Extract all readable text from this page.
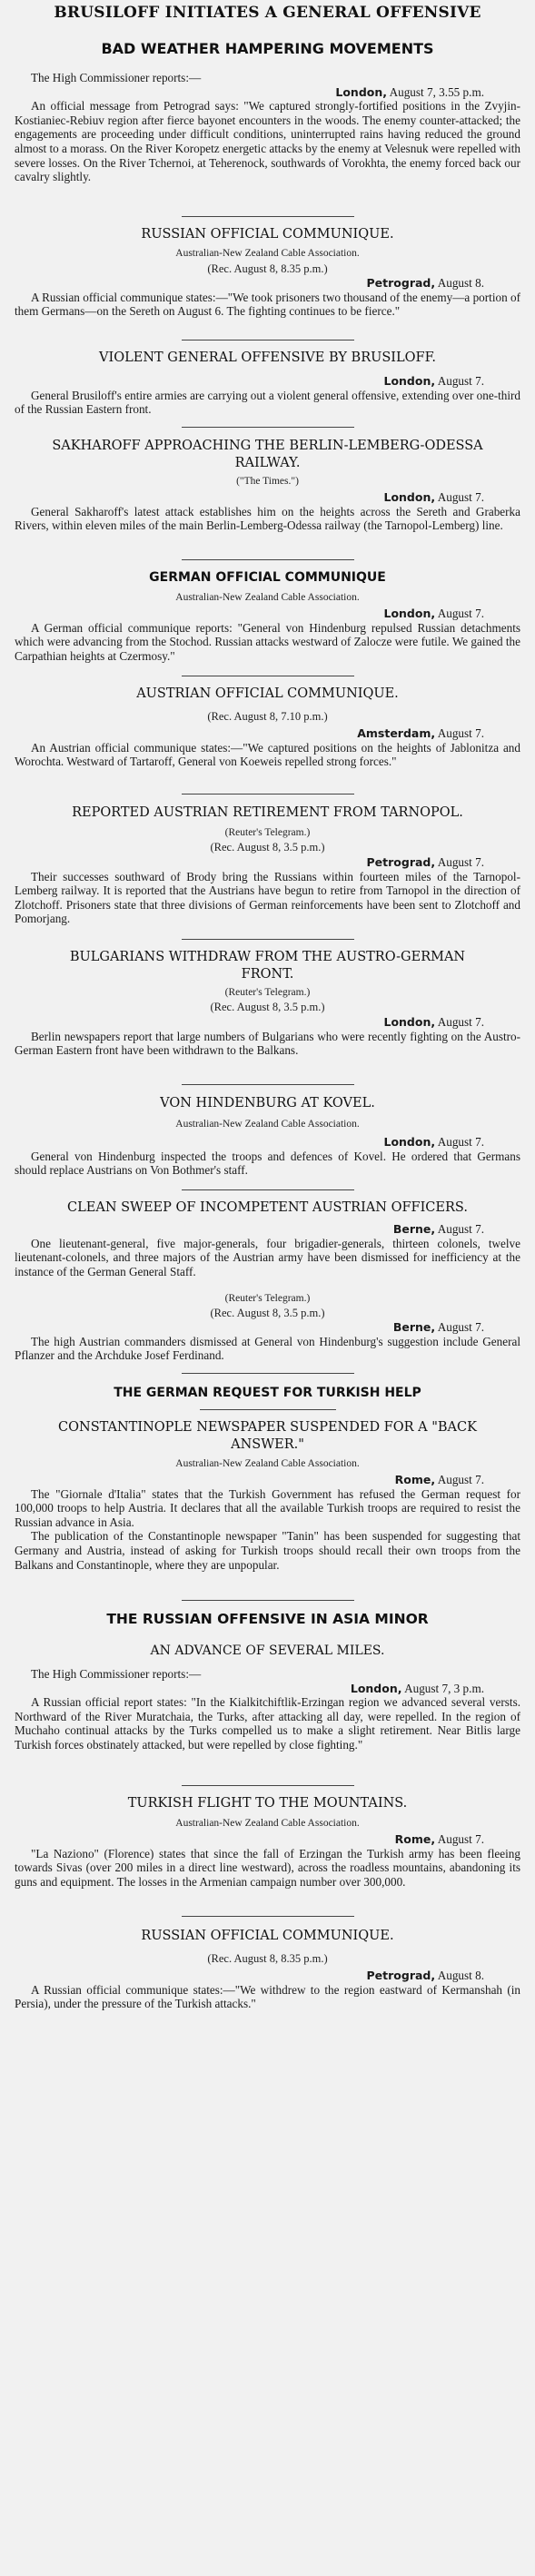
BRUSILOFF INITIATES A GENERAL OFFENSIVE
BAD WEATHER HAMPERING MOVEMENTS
The High Commissioner reports:—
London, August 7, 3.55 p.m.

An official message from Petrograd says: "We captured strongly-fortified positions in the Zvyjin-Kostianiec-Rebiuv region after fierce bayonet encounters in the woods. The enemy counter-attacked; the engagements are proceeding under difficult conditions, uninterrupted rains having reduced the ground almost to a morass. On the River Koropetz energetic attacks by the enemy at Velesnuk were repelled with severe losses. On the River Tchernoi, at Teherenock, southwards of Vorokhta, the enemy forced back our cavalry slightly.

RUSSIAN OFFICIAL COMMUNIQUE.
Australian-New Zealand Cable Association.
(Rec. August 8, 8.35 p.m.)
Petrograd, August 8.

A Russian official communique states:—"We took prisoners two thousand of the enemy—a portion of them Germans—on the Sereth on August 6. The fighting continues to be fierce."

VIOLENT GENERAL OFFENSIVE BY BRUSILOFF.
London, August 7.

General Brusiloff's entire armies are carrying out a violent general offensive, extending over one-third of the Russian Eastern front.

SAKHAROFF APPROACHING THE BERLIN-LEMBERG-ODESSA
RAILWAY.
("The Times.")
London, August 7.

General Sakharoff's latest attack establishes him on the heights across the Sereth and Graberka Rivers, within eleven miles of the main Berlin-Lemberg-Odessa railway (the Tarnopol-Lemberg) line.

GERMAN OFFICIAL COMMUNIQUE
Australian-New Zealand Cable Association.
London, August 7.

A German official communique reports: "General von Hindenburg repulsed Russian detachments which were advancing from the Stochod. Russian attacks westward of Zalocze were futile. We gained the Carpathian heights at Czermosy."

AUSTRIAN OFFICIAL COMMUNIQUE.
(Rec. August 8, 7.10 p.m.)
Amsterdam, August 7.

An Austrian official communique states:—"We captured positions on the heights of Jablonitza and Worochta. Westward of Tartaroff, General von Koeweis repelled strong forces."

REPORTED AUSTRIAN RETIREMENT FROM TARNOPOL.
(Reuter's Telegram.)
(Rec. August 8, 3.5 p.m.)
Petrograd, August 7.

Their successes southward of Brody bring the Russians within fourteen miles of the Tarnopol-Lemberg railway. It is reported that the Austrians have begun to retire from Tarnopol in the direction of Zlotchoff. Prisoners state that three divisions of German reinforcements have been sent to Zlotchoff and Pomorjang.

BULGARIANS WITHDRAW FROM THE AUSTRO-GERMAN
FRONT.
(Reuter's Telegram.)
(Rec. August 8, 3.5 p.m.)
London, August 7.

Berlin newspapers report that large numbers of Bulgarians who were recently fighting on the Austro-German Eastern front have been withdrawn to the Balkans.

VON HINDENBURG AT KOVEL.
Australian-New Zealand Cable Association.
London, August 7.

General von Hindenburg inspected the troops and defences of Kovel. He ordered that Germans should replace Austrians on Von Bothmer's staff.

CLEAN SWEEP OF INCOMPETENT AUSTRIAN OFFICERS.
Berne, August 7.

One lieutenant-general, five major-generals, four brigadier-generals, thirteen colonels, twelve lieutenant-colonels, and three majors of the Austrian army have been dismissed for inefficiency at the instance of the German General Staff.

(Reuter's Telegram.)
(Rec. August 8, 3.5 p.m.)
Berne, August 7.

The high Austrian commanders dismissed at General von Hindenburg's suggestion include General Pflanzer and the Archduke Josef Ferdinand.

THE GERMAN REQUEST FOR TURKISH HELP
CONSTANTINOPLE NEWSPAPER SUSPENDED FOR A "BACK
ANSWER."
Australian-New Zealand Cable Association.
Rome, August 7.

The "Giornale d'Italia" states that the Turkish Government has refused the German request for 100,000 troops to help Austria. It declares that all the available Turkish troops are required to resist the Russian advance in Asia.

The publication of the Constantinople newspaper "Tanin" has been suspended for suggesting that Germany and Austria, instead of asking for Turkish troops should recall their own troops from the Balkans and Constantinople, where they are unpopular.

THE RUSSIAN OFFENSIVE IN ASIA MINOR
AN ADVANCE OF SEVERAL MILES.
The High Commissioner reports:—
London, August 7, 3 p.m.

A Russian official report states: "In the Kialkitchiftlik-Erzingan region we advanced several versts. Northward of the River Muratchaia, the Turks, after attacking all day, were repelled. In the region of Muchaho continual attacks by the Turks compelled us to make a slight retirement. Near Bitlis large Turkish forces obstinately attacked, but were repelled by close fighting."

TURKISH FLIGHT TO THE MOUNTAINS.
Australian-New Zealand Cable Association.
Rome, August 7.

"La Naziono" (Florence) states that since the fall of Erzingan the Turkish army has been fleeing towards Sivas (over 200 miles in a direct line westward), across the roadless mountains, abandoning its guns and equipment. The losses in the Armenian campaign number over 300,000.

RUSSIAN OFFICIAL COMMUNIQUE.
(Rec. August 8, 8.35 p.m.)
Petrograd, August 8.

A Russian official communique states:—"We withdrew to the region eastward of Kermanshah (in Persia), under the pressure of the Turkish attacks."
